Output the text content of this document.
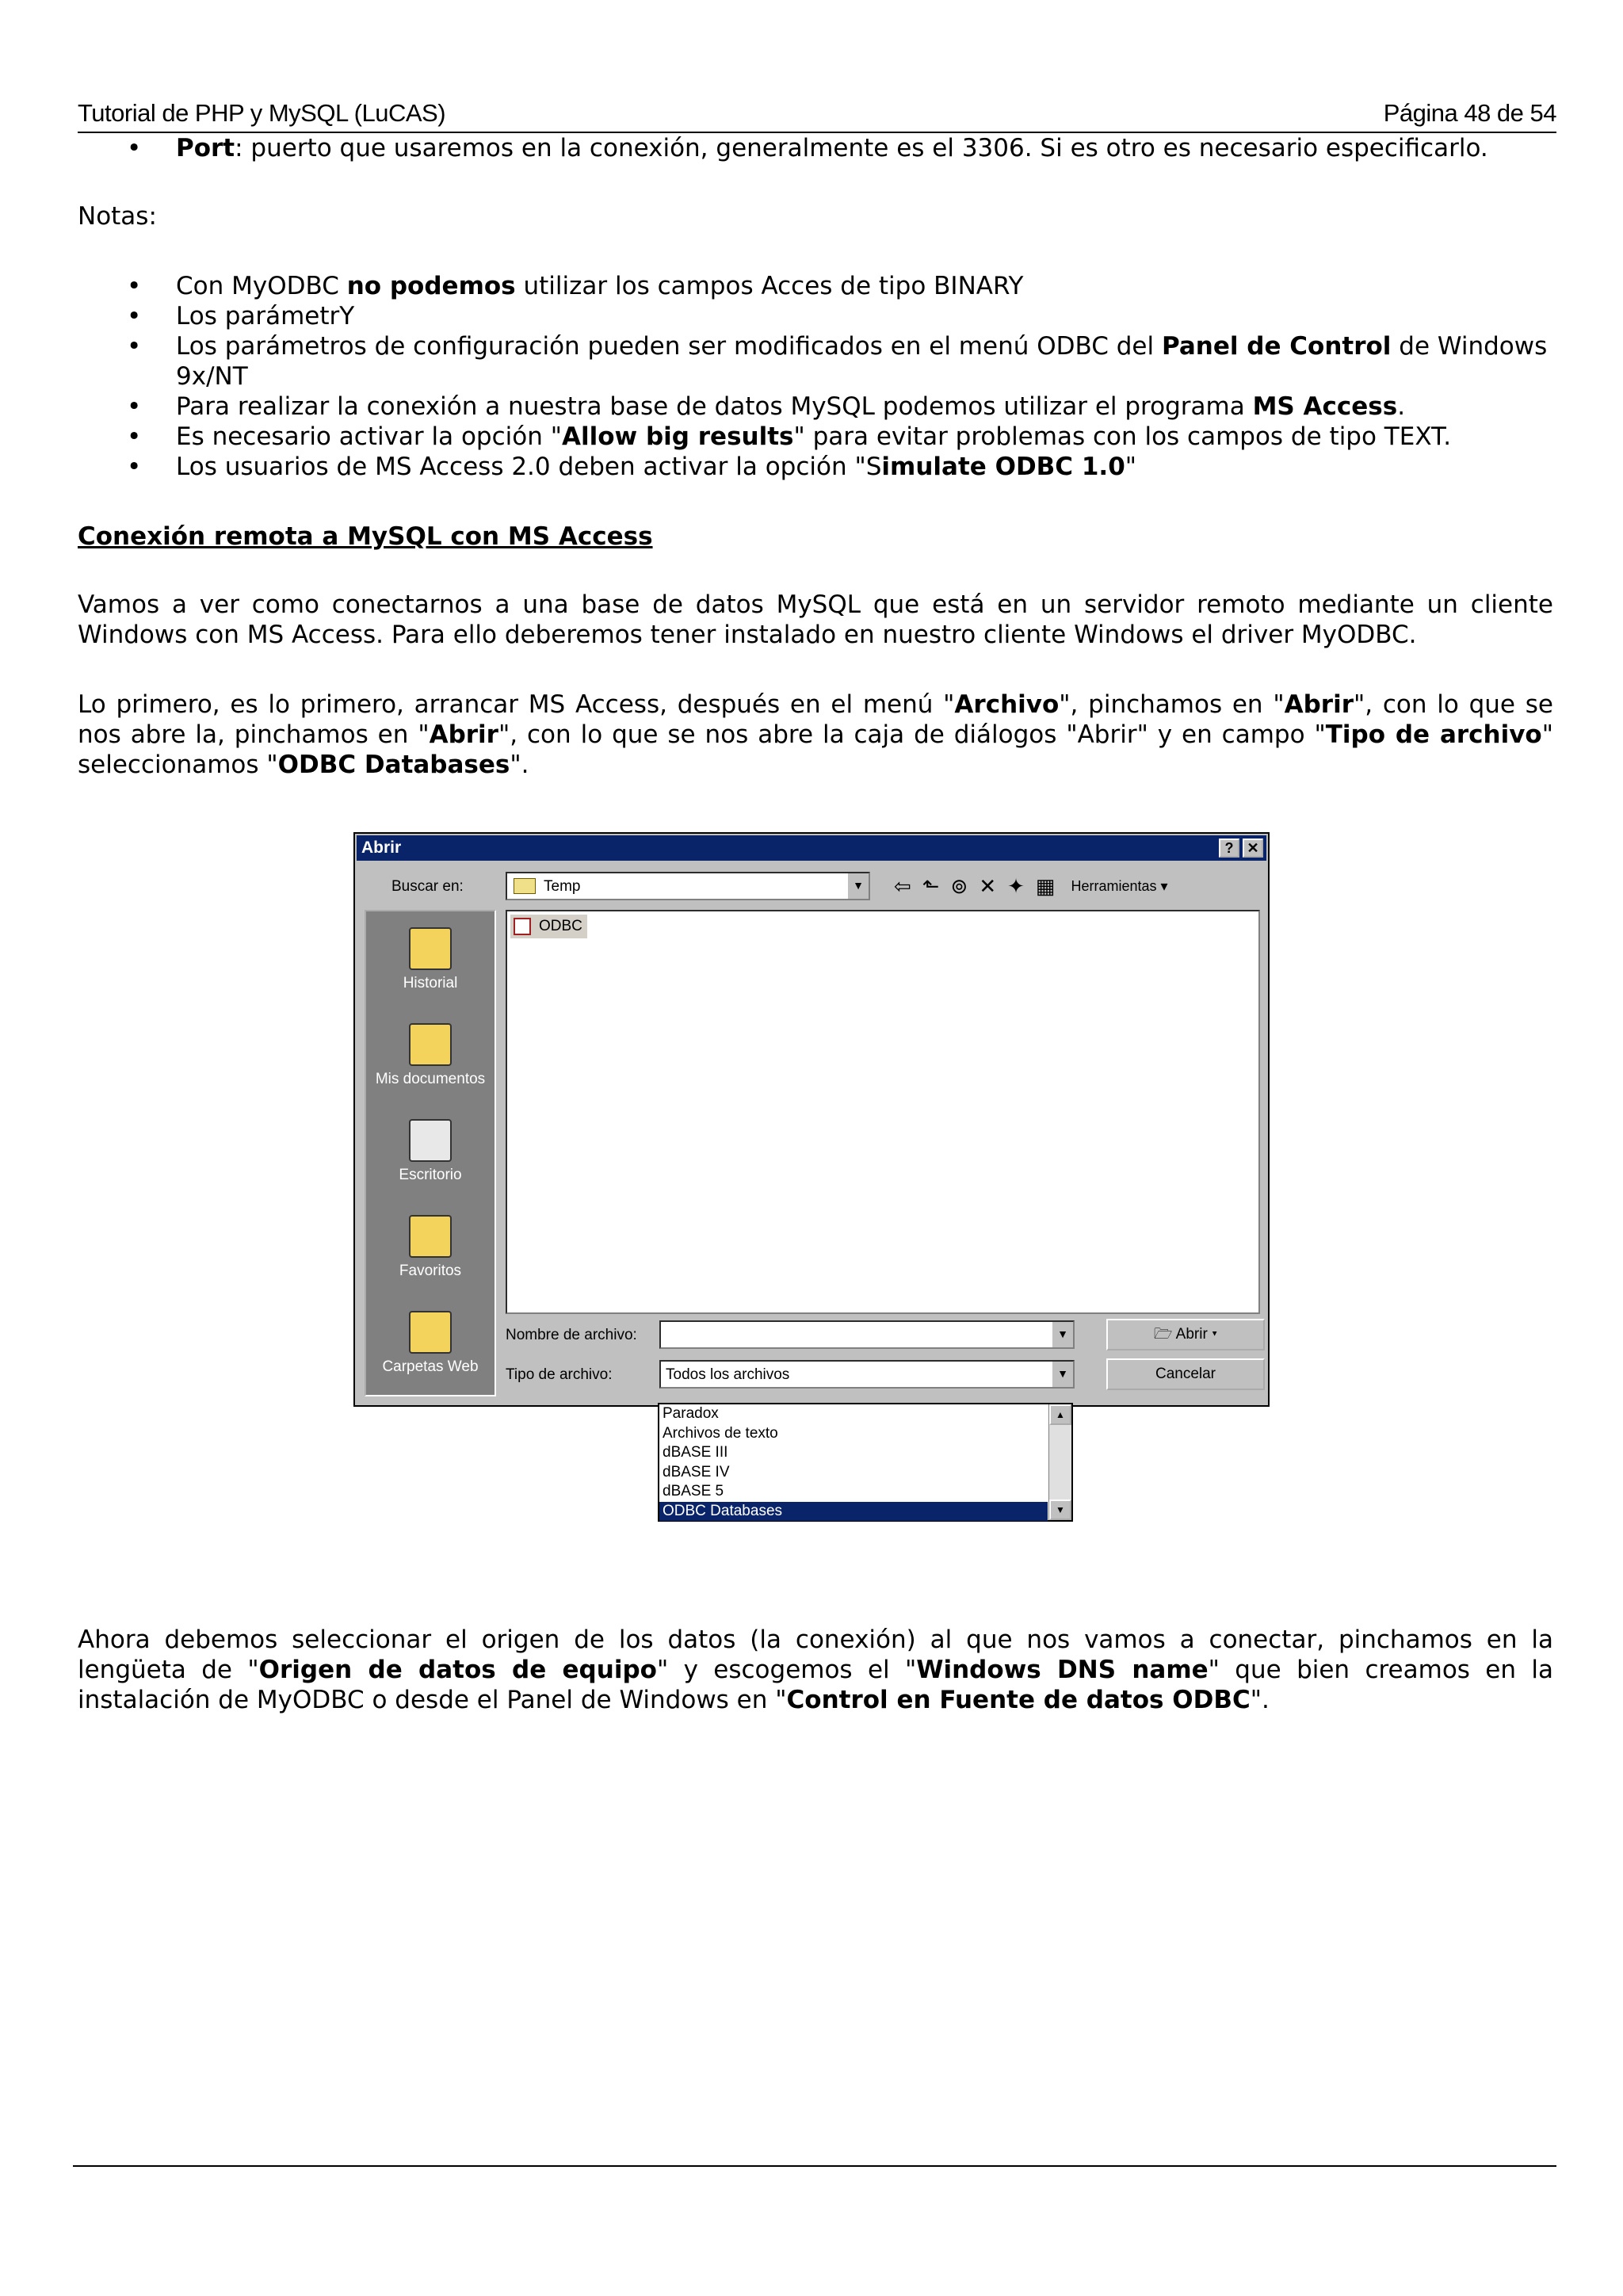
Tutorial de PHP y MySQL (LuCAS)	Página 48 de 54
• Port: puerto que usaremos en la conexión, generalmente es el 3306. Si es otro es necesario especificarlo.

Notas:

• Con MyODBC no podemos utilizar los campos Acces de tipo BINARY
• Los parámetrY
• Los parámetros de configuración pueden ser modificados en el menú ODBC del Panel de Control de Windows 9x/NT
• Para realizar la conexión a nuestra base de datos MySQL podemos utilizar el programa MS Access.
• Es necesario activar la opción "Allow big results" para evitar problemas con los campos de tipo TEXT.
• Los usuarios de MS Access 2.0 deben activar la opción "Simulate ODBC 1.0"

Conexión remota a MySQL con MS Access

Vamos a ver como conectarnos a una base de datos MySQL que está en un servidor remoto mediante un cliente Windows con MS Access. Para ello deberemos tener instalado en nuestro cliente Windows el driver MyODBC.

Lo primero, es lo primero, arrancar MS Access, después en el menú "Archivo", pinchamos en "Abrir", con lo que se nos abre la, pinchamos en "Abrir", con lo que se nos abre la caja de diálogos "Abrir" y en campo "Tipo de archivo" seleccionamos "ODBC Databases".

Abrir	? ✕
Buscar en:	Temp	▼ ⇦ ⬑ ⊚ ✕ ✦ ▦ Herramientas ▾
Historial
Mis documentos
Escritorio
Favoritos
Carpetas Web
ODBC
Nombre de archivo:	▼	🗁 Abrir ▾
Tipo de archivo:	Todos los archivos	▼	Cancelar
Paradox
Archivos de texto
dBASE III
dBASE IV
dBASE 5
ODBC Databases
▲
▼

Ahora debemos seleccionar el origen de los datos (la conexión) al que nos vamos a conectar, pinchamos en la lengüeta de "Origen de datos de equipo" y escogemos el "Windows DNS name" que bien creamos en la instalación de MyODBC o desde el Panel de Windows en "Control en Fuente de datos ODBC".
